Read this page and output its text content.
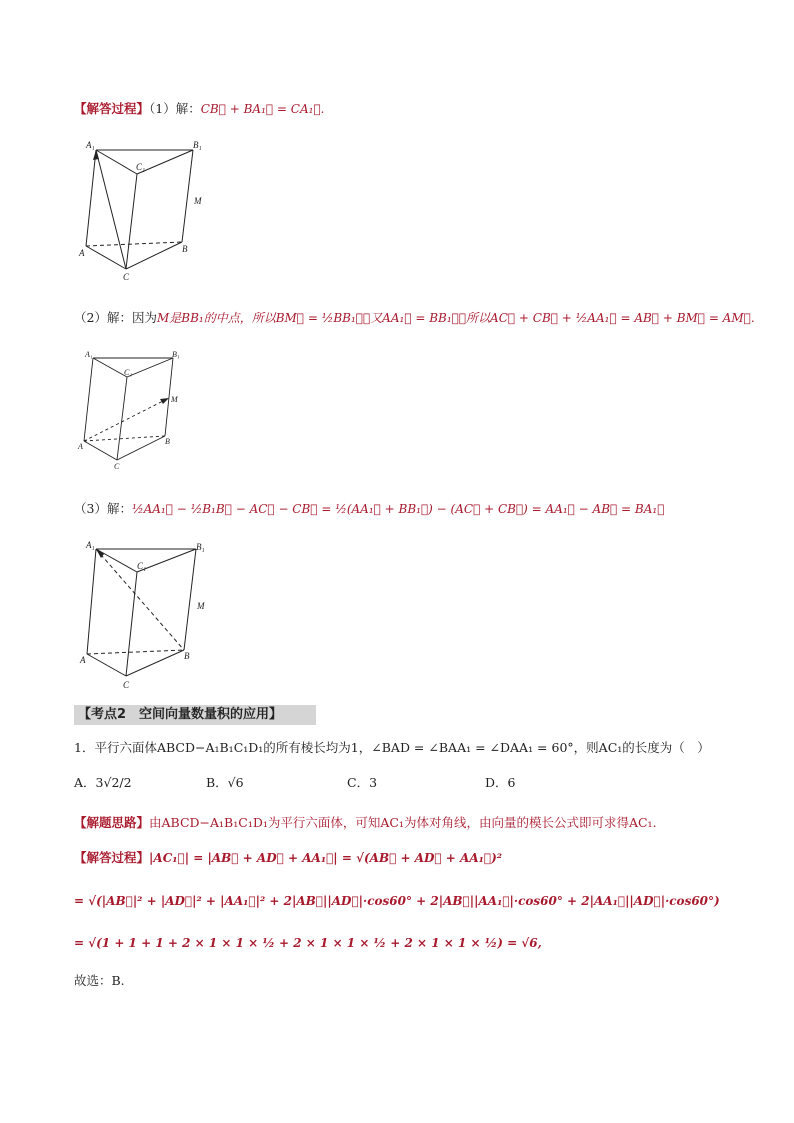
【解答过程】（1）解：CB⃗ + BA₁⃗ = CA₁⃗.
A₁	B₁
C₁
M
A	B
C
（2）解：因为M是BB₁的中点，所以BM⃗ = ½BB₁⃗，又AA₁⃗ = BB₁⃗，所以AC⃗ + CB⃗ + ½AA₁⃗ = AB⃗ + BM⃗ = AM⃗.
A₁	B₁
C₁
M
A
B
C
（3）解：½AA₁⃗ − ½B₁B⃗ − AC⃗ − CB⃗ = ½(AA₁⃗ + BB₁⃗) − (AC⃗ + CB⃗) = AA₁⃗ − AB⃗ = BA₁⃗
A₁	B₁
C₁
M
A	B
C
【考点2　空间向量数量积的应用】
1．平行六面体ABCD−A₁B₁C₁D₁的所有棱长均为1，∠BAD = ∠BAA₁ = ∠DAA₁ = 60°，则AC₁的长度为（　）
A．3√2/2	B．√6	C．3	D．6
【解题思路】由ABCD−A₁B₁C₁D₁为平行六面体，可知AC₁为体对角线，由向量的模长公式即可求得AC₁.
【解答过程】|AC₁⃗| = |AB⃗ + AD⃗ + AA₁⃗| = √(AB⃗ + AD⃗ + AA₁⃗)²
= √(|AB⃗|² + |AD⃗|² + |AA₁⃗|² + 2|AB⃗||AD⃗|·cos60° + 2|AB⃗||AA₁⃗|·cos60° + 2|AA₁⃗||AD⃗|·cos60°)
= √(1 + 1 + 1 + 2 × 1 × 1 × ½ + 2 × 1 × 1 × ½ + 2 × 1 × 1 × ½) = √6,
故选：B.
